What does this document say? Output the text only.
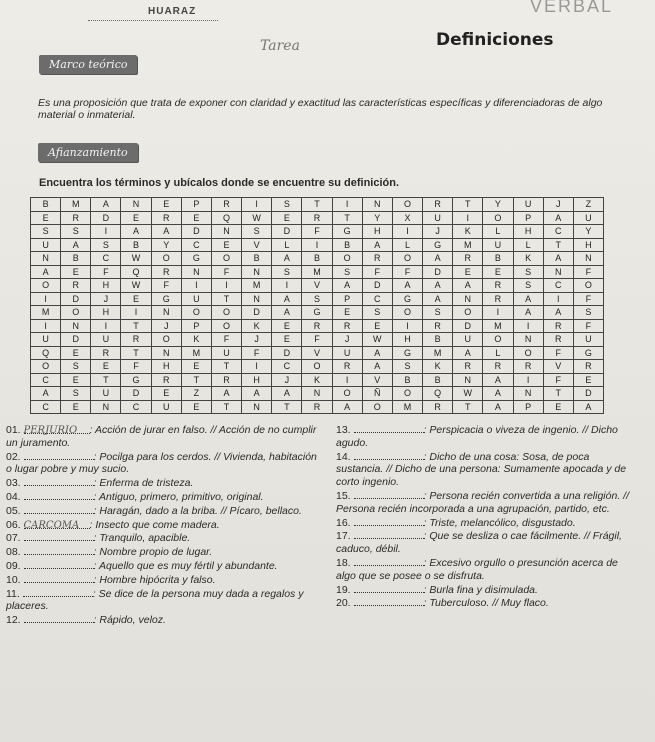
VERBAL
HUARAZ
Tarea	Definiciones
Marco teórico

Es una proposición que trata de exponer con claridad y exactitud las características específicas y diferenciadoras de algo material o inmaterial.

Afianzamiento
Encuentra los términos y ubícalos donde se encuentre su definición.
B	M	A	N	E	P	R	I	S	T	I	N	O	R	T	Y	U	J	Z
E	R	D	E	R	E	Q	W	E	R	T	Y	X	U	I	O	P	A	U
S	S	I	A	A	D	N	S	D	F	G	H	I	J	K	L	H	C	Y
U	A	S	B	Y	C	E	V	L	I	B	A	L	G	M	U	L	T	H
N	B	C	W	O	G	O	B	A	B	O	R	O	A	R	B	K	A	N
A	E	F	Q	R	N	F	N	S	M	S	F	F	D	E	E	S	N	F
O	R	H	W	F	I	I	M	I	V	A	D	A	A	A	R	S	C	O
I	D	J	E	G	U	T	N	A	S	P	C	G	A	N	R	A	I	F
M	O	H	I	N	O	O	D	A	G	E	S	O	S	O	I	A	A	S
I	N	I	T	J	P	O	K	E	R	R	E	I	R	D	M	I	R	F
U	D	U	R	O	K	F	J	E	F	J	W	H	B	U	O	N	R	U
Q	E	R	T	N	M	U	F	D	V	U	A	G	M	A	L	O	F	G
O	S	E	F	H	E	T	I	C	O	R	A	S	K	R	R	R	V	R
C	E	T	G	R	T	R	H	J	K	I	V	B	B	N	A	I	F	E
A	S	U	D	E	Z	A	A	A	N	O	Ñ	O	Q	W	A	N	T	D
C	E	N	C	U	E	T	N	T	R	A	O	M	R	T	A	P	E	A
01. PERJURIO : Acción de jurar en falso. // Acción de no cumplir un juramento.
02.	: Pocilga para los cerdos. // Vivienda, habitación o lugar pobre y muy sucio.
03.	: Enferma de tristeza.
04.	: Antiguo, primero, primitivo, original.
05.	: Haragán, dado a la briba. // Pícaro, bellaco.
06. CARCOMA : Insecto que come madera.
07.	: Tranquilo, apacible.
08.	: Nombre propio de lugar.
09.	: Aquello que es muy fértil y abundante.
10.	: Hombre hipócrita y falso.
11.	: Se dice de la persona muy dada a regalos y placeres.
12.	: Rápido, veloz.
13.	: Perspicacia o viveza de ingenio. // Dicho agudo.
14.	: Dicho de una cosa: Sosa, de poca sustancia. // Dicho de una persona: Sumamente apocada y de corto ingenio.
15.	: Persona recién convertida a una religión. // Persona recién incorporada a una agrupación, partido, etc.
16.	: Triste, melancólico, disgustado.
17.	: Que se desliza o cae fácilmente. // Frágil, caduco, débil.
18.	: Excesivo orgullo o presunción acerca de algo que se posee o se disfruta.
19.	: Burla fina y disimulada.
20.	: Tuberculoso. // Muy flaco.
